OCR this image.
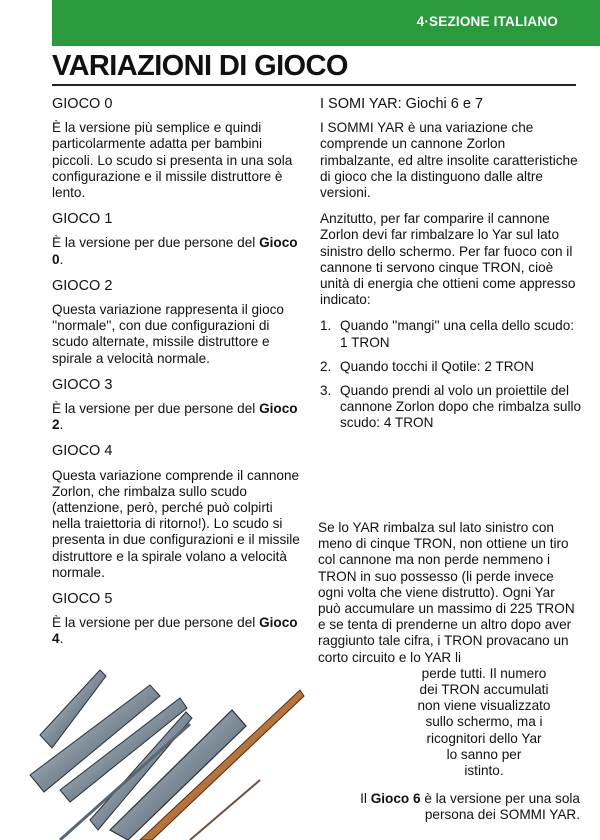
4·SEZIONE ITALIANO
VARIAZIONI DI GIOCO

GIOCO 0

È la versione più semplice e quindi particolarmente adatta per bambini piccoli. Lo scudo si presenta in una sola configurazione e il missile distruttore è lento.

GIOCO 1

È la versione per due persone del Gioco 0.

GIOCO 2

Questa variazione rappresenta il gioco ''normale'', con due configurazioni di scudo alternate, missile distruttore e spirale a velocità normale.

GIOCO 3

È la versione per due persone del Gioco 2.

GIOCO 4

Questa variazione comprende il cannone Zorlon, che rimbalza sullo scudo (attenzione, però, perché può colpirti nella traiettoria di ritorno!). Lo scudo si presenta in due configurazioni e il missile distruttore e la spirale volano a velocità normale.

GIOCO 5

È la versione per due persone del Gioco 4.

I SOMI YAR: Giochi 6 e 7

I SOMMI YAR è una variazione che comprende un cannone Zorlon rimbalzante, ed altre insolite caratteristiche di gioco che la distinguono dalle altre versioni.

Anzitutto, per far comparire il cannone Zorlon devi far rimbalzare lo Yar sul lato sinistro dello schermo. Per far fuoco con il cannone ti servono cinque TRON, cioè unità di energia che ottieni come appresso indicato:

1. Quando ''mangi'' una cella dello scudo: 1 TRON
2. Quando tocchi il Qotile: 2 TRON
3. Quando prendi al volo un proiettile del cannone Zorlon dopo che rimbalza sullo scudo: 4 TRON

Se lo YAR rimbalza sul lato sinistro con meno di cinque TRON, non ottiene un tiro col cannone ma non perde nemmeno i TRON in suo possesso (li perde invece ogni volta che viene distrutto). Ogni Yar può accumulare un massimo di 225 TRON e se tenta di prenderne un altro dopo aver raggiunto tale cifra, i TRON provacano un corto circuito e lo YAR li

perde tutti. Il numero
dei TRON accumulati
non viene visualizzato
sullo schermo, ma i
ricognitori dello Yar
lo sanno per
istinto.

Il Gioco 6 è la versione per una sola persona dei SOMMI YAR.
